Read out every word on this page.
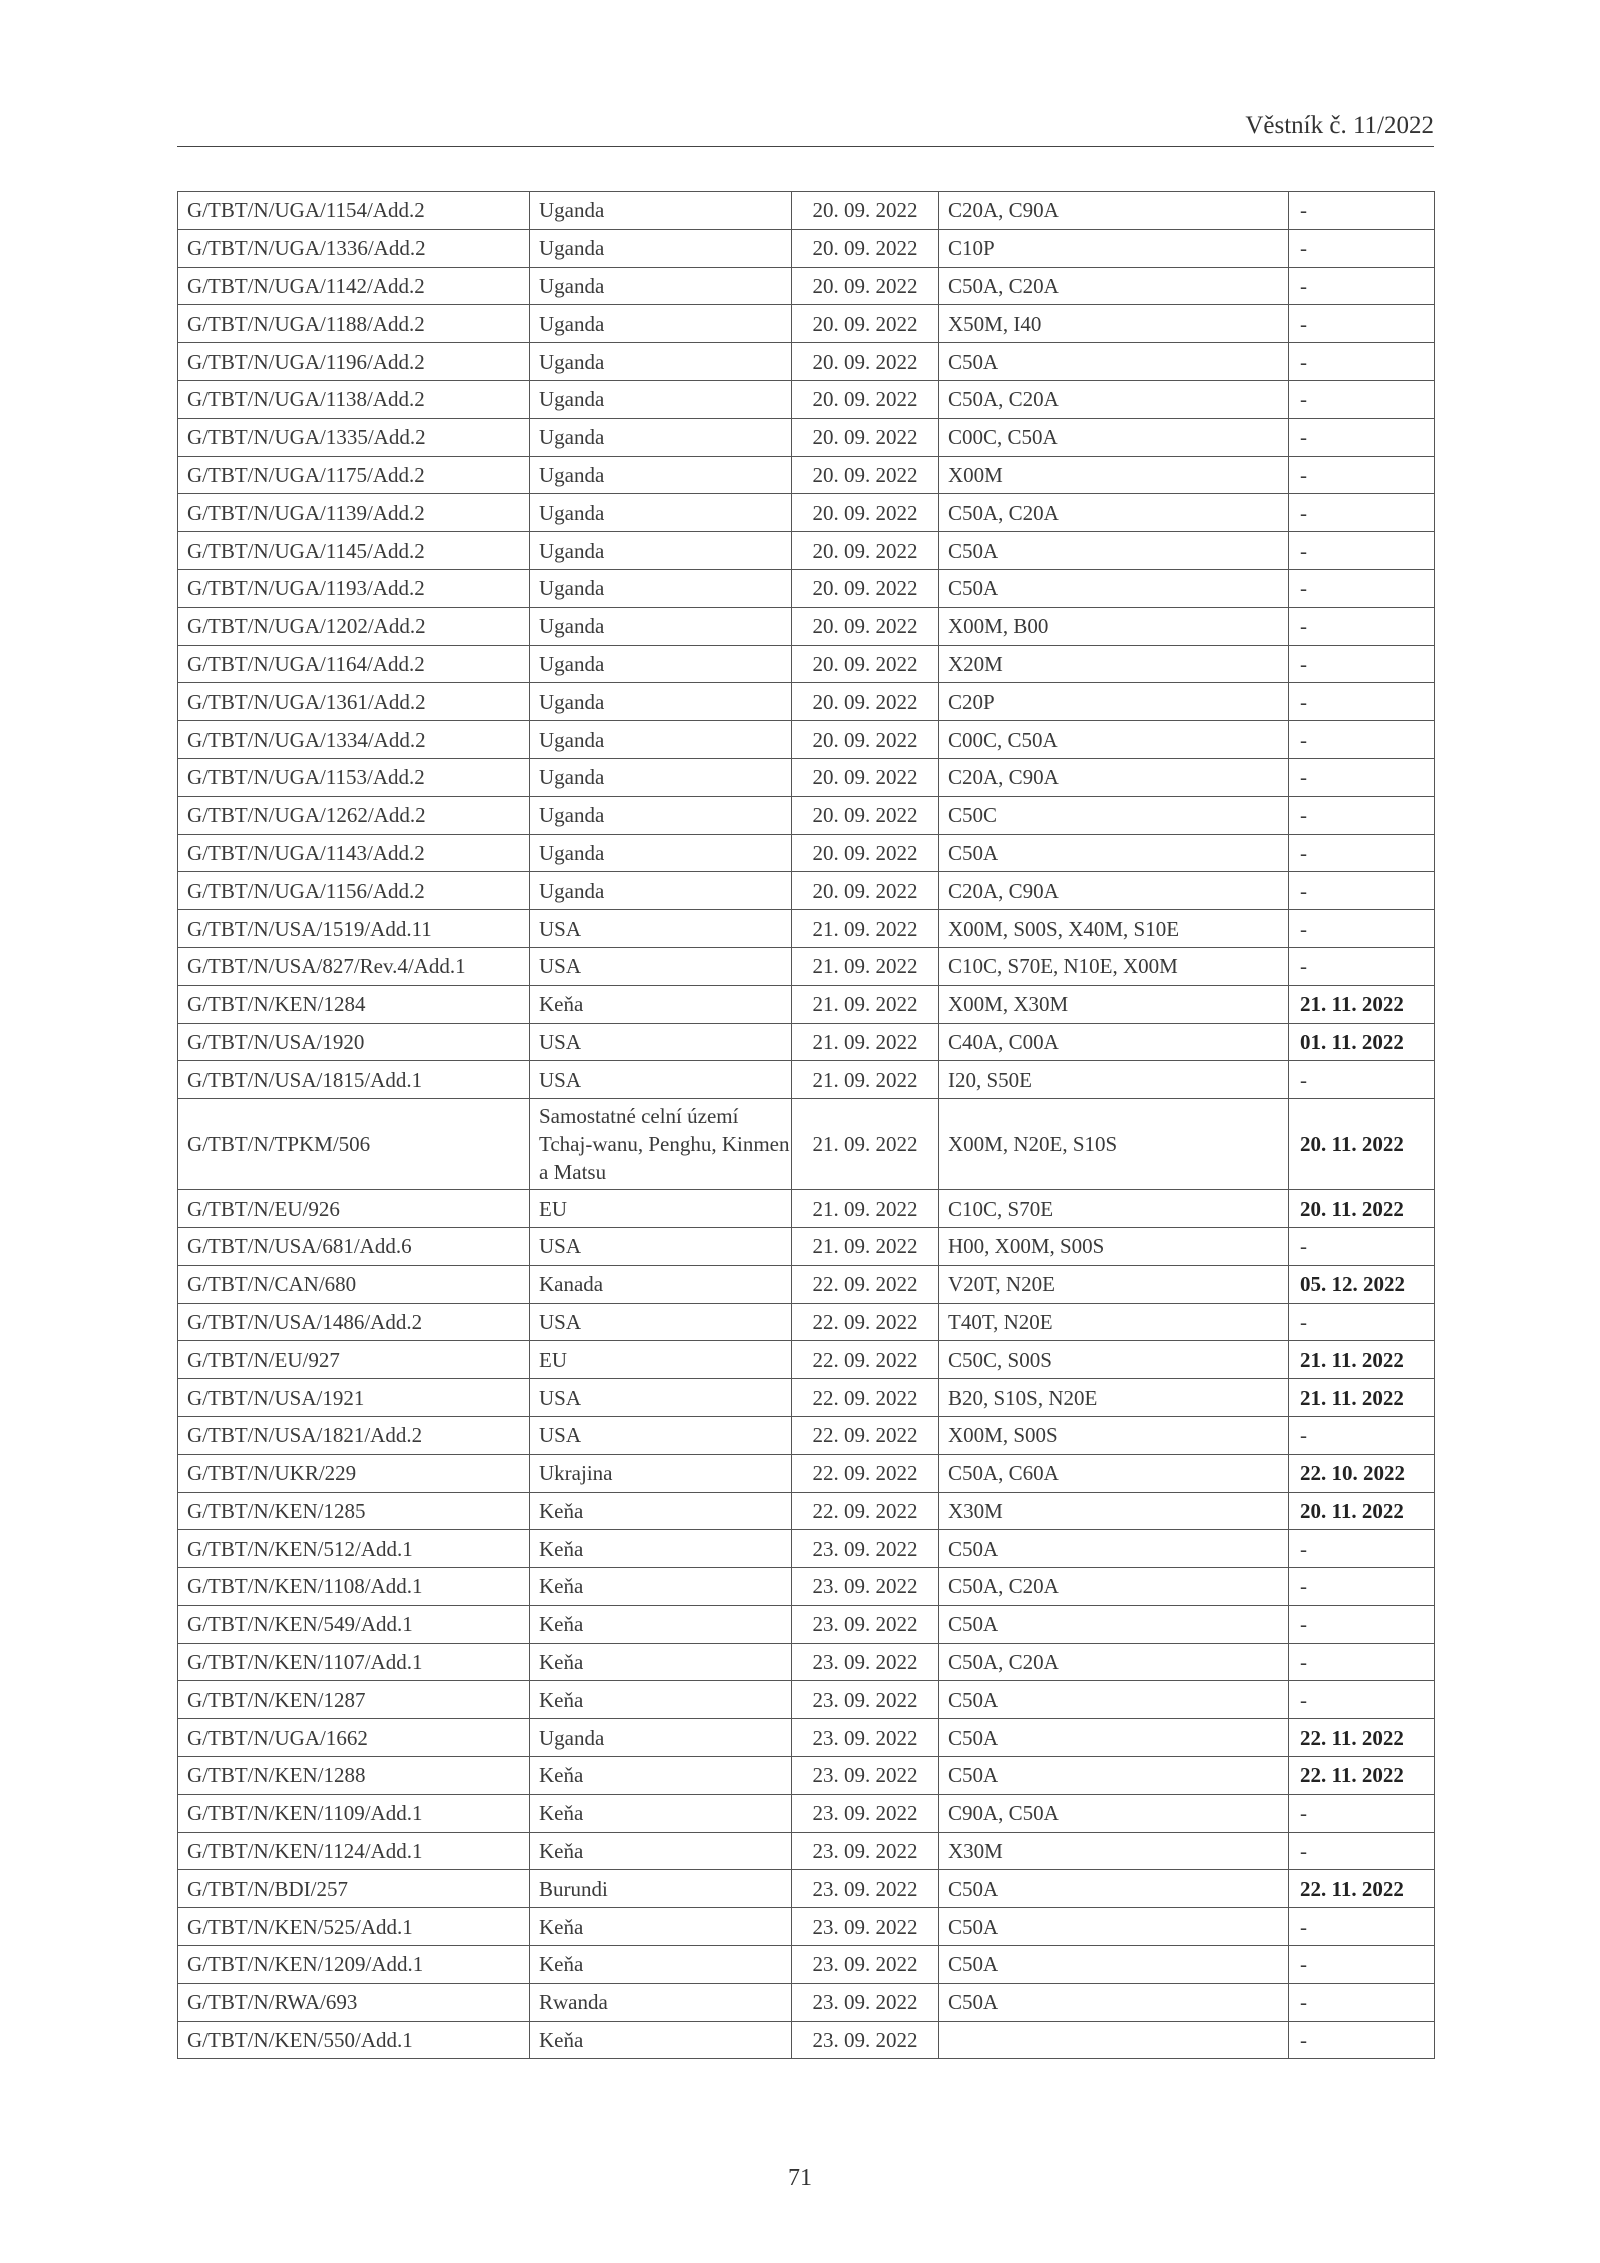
Věstník č. 11/2022
G/TBT/N/UGA/1154/Add.2	Uganda	20. 09. 2022	C20A, C90A	-
G/TBT/N/UGA/1336/Add.2	Uganda	20. 09. 2022	C10P	-
G/TBT/N/UGA/1142/Add.2	Uganda	20. 09. 2022	C50A, C20A	-
G/TBT/N/UGA/1188/Add.2	Uganda	20. 09. 2022	X50M, I40	-
G/TBT/N/UGA/1196/Add.2	Uganda	20. 09. 2022	C50A	-
G/TBT/N/UGA/1138/Add.2	Uganda	20. 09. 2022	C50A, C20A	-
G/TBT/N/UGA/1335/Add.2	Uganda	20. 09. 2022	C00C, C50A	-
G/TBT/N/UGA/1175/Add.2	Uganda	20. 09. 2022	X00M	-
G/TBT/N/UGA/1139/Add.2	Uganda	20. 09. 2022	C50A, C20A	-
G/TBT/N/UGA/1145/Add.2	Uganda	20. 09. 2022	C50A	-
G/TBT/N/UGA/1193/Add.2	Uganda	20. 09. 2022	C50A	-
G/TBT/N/UGA/1202/Add.2	Uganda	20. 09. 2022	X00M, B00	-
G/TBT/N/UGA/1164/Add.2	Uganda	20. 09. 2022	X20M	-
G/TBT/N/UGA/1361/Add.2	Uganda	20. 09. 2022	C20P	-
G/TBT/N/UGA/1334/Add.2	Uganda	20. 09. 2022	C00C, C50A	-
G/TBT/N/UGA/1153/Add.2	Uganda	20. 09. 2022	C20A, C90A	-
G/TBT/N/UGA/1262/Add.2	Uganda	20. 09. 2022	C50C	-
G/TBT/N/UGA/1143/Add.2	Uganda	20. 09. 2022	C50A	-
G/TBT/N/UGA/1156/Add.2	Uganda	20. 09. 2022	C20A, C90A	-
G/TBT/N/USA/1519/Add.11	USA	21. 09. 2022	X00M, S00S, X40M, S10E	-
G/TBT/N/USA/827/Rev.4/Add.1	USA	21. 09. 2022	C10C, S70E, N10E, X00M	-
G/TBT/N/KEN/1284	Keňa	21. 09. 2022	X00M, X30M	21. 11. 2022
G/TBT/N/USA/1920	USA	21. 09. 2022	C40A, C00A	01. 11. 2022
G/TBT/N/USA/1815/Add.1	USA	21. 09. 2022	I20, S50E	-
G/TBT/N/TPKM/506	Samostatné celní území Tchaj-wanu, Penghu, Kinmen a Matsu	21. 09. 2022	X00M, N20E, S10S	20. 11. 2022
G/TBT/N/EU/926	EU	21. 09. 2022	C10C, S70E	20. 11. 2022
G/TBT/N/USA/681/Add.6	USA	21. 09. 2022	H00, X00M, S00S	-
G/TBT/N/CAN/680	Kanada	22. 09. 2022	V20T, N20E	05. 12. 2022
G/TBT/N/USA/1486/Add.2	USA	22. 09. 2022	T40T, N20E	-
G/TBT/N/EU/927	EU	22. 09. 2022	C50C, S00S	21. 11. 2022
G/TBT/N/USA/1921	USA	22. 09. 2022	B20, S10S, N20E	21. 11. 2022
G/TBT/N/USA/1821/Add.2	USA	22. 09. 2022	X00M, S00S	-
G/TBT/N/UKR/229	Ukrajina	22. 09. 2022	C50A, C60A	22. 10. 2022
G/TBT/N/KEN/1285	Keňa	22. 09. 2022	X30M	20. 11. 2022
G/TBT/N/KEN/512/Add.1	Keňa	23. 09. 2022	C50A	-
G/TBT/N/KEN/1108/Add.1	Keňa	23. 09. 2022	C50A, C20A	-
G/TBT/N/KEN/549/Add.1	Keňa	23. 09. 2022	C50A	-
G/TBT/N/KEN/1107/Add.1	Keňa	23. 09. 2022	C50A, C20A	-
G/TBT/N/KEN/1287	Keňa	23. 09. 2022	C50A	-
G/TBT/N/UGA/1662	Uganda	23. 09. 2022	C50A	22. 11. 2022
G/TBT/N/KEN/1288	Keňa	23. 09. 2022	C50A	22. 11. 2022
G/TBT/N/KEN/1109/Add.1	Keňa	23. 09. 2022	C90A, C50A	-
G/TBT/N/KEN/1124/Add.1	Keňa	23. 09. 2022	X30M	-
G/TBT/N/BDI/257	Burundi	23. 09. 2022	C50A	22. 11. 2022
G/TBT/N/KEN/525/Add.1	Keňa	23. 09. 2022	C50A	-
G/TBT/N/KEN/1209/Add.1	Keňa	23. 09. 2022	C50A	-
G/TBT/N/RWA/693	Rwanda	23. 09. 2022	C50A	-
G/TBT/N/KEN/550/Add.1	Keňa	23. 09. 2022		-
71
